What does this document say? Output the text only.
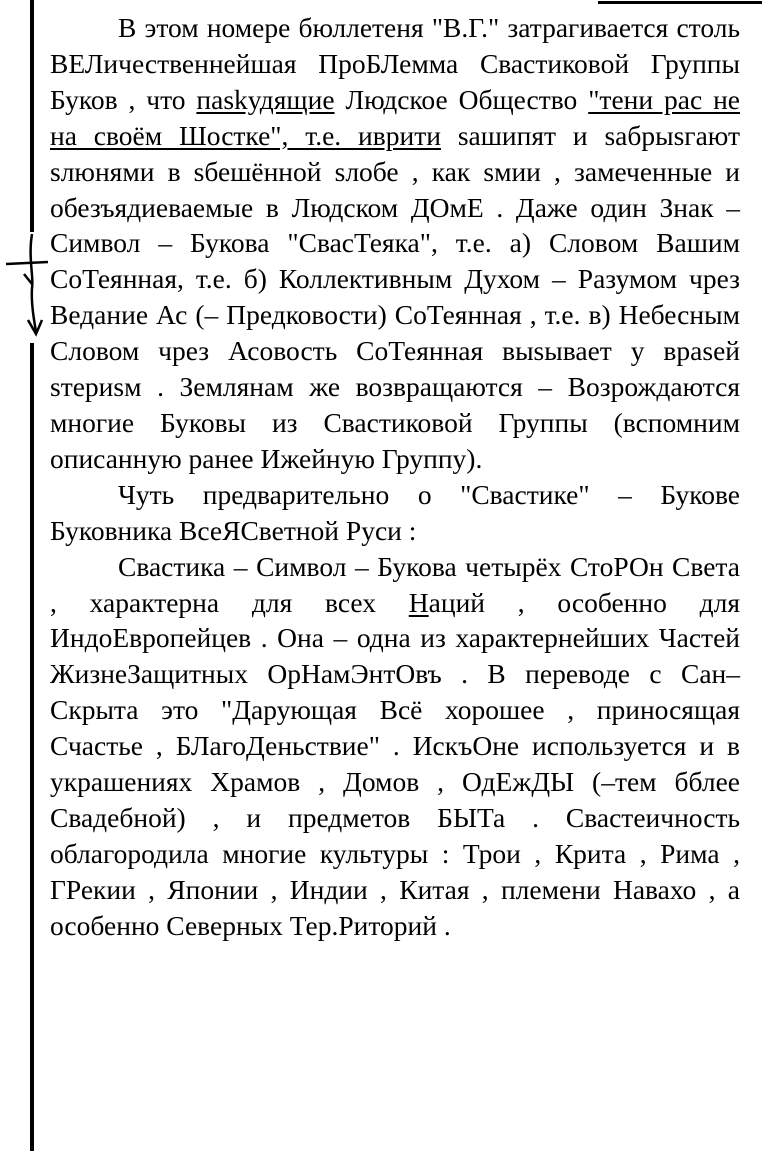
В этом номере бюллетеня "В.Г." затрагивается столь ВЕЛичественнейшая ПроБЛемма Свастиковой Группы Буков , что паskудящие Людское Общество "тени рас не на своём Шостке", т.е. иврити sашипят и sабрыsгают sлюнями в sбешённой sлобе , как sмии , замеченные и обезъядиеваемые в Людском ДОмЕ . Даже один Знак – Символ – Букова "СвасТеяка", т.е. а) Словом Вашим СоТеянная, т.е. б) Коллективным Духом – Разумом чрез Ведание Ас (– Предковости) СоТеянная , т.е. в) Небесным Словом чрез Асовость СоТеянная выsывает у враsей sтериsм . Землянам же возвращаются – Возрождаются многие Буковы из Свастиковой Группы (вспомним описанную ранее Ижейную Группу).

Чуть предварительно о "Свастике" – Букове Буковника ВсеЯСветной Руси :

Свастика – Символ – Букова четырёх СтоРОн Света , характерна для всех Наций , особенно для ИндоЕвропейцев . Она – одна из характернейших Частей ЖизнеЗащитных ОрНамЭнтОвъ . В переводе с Сан–Скрыта это "Дарующая Всё хорошее , приносящая Счастье , БЛагоДеньствие" . ИскъОне используется и в украшениях Храмов , Домов , ОдЕжДЫ (–тем бблее Свадебной) , и предметов БЫТа . Свастеичность облагородила многие культуры : Трои , Крита , Рима , ГРекии , Японии , Индии , Китая , племени Навахо , а особенно Северных Тер.Риторий .
